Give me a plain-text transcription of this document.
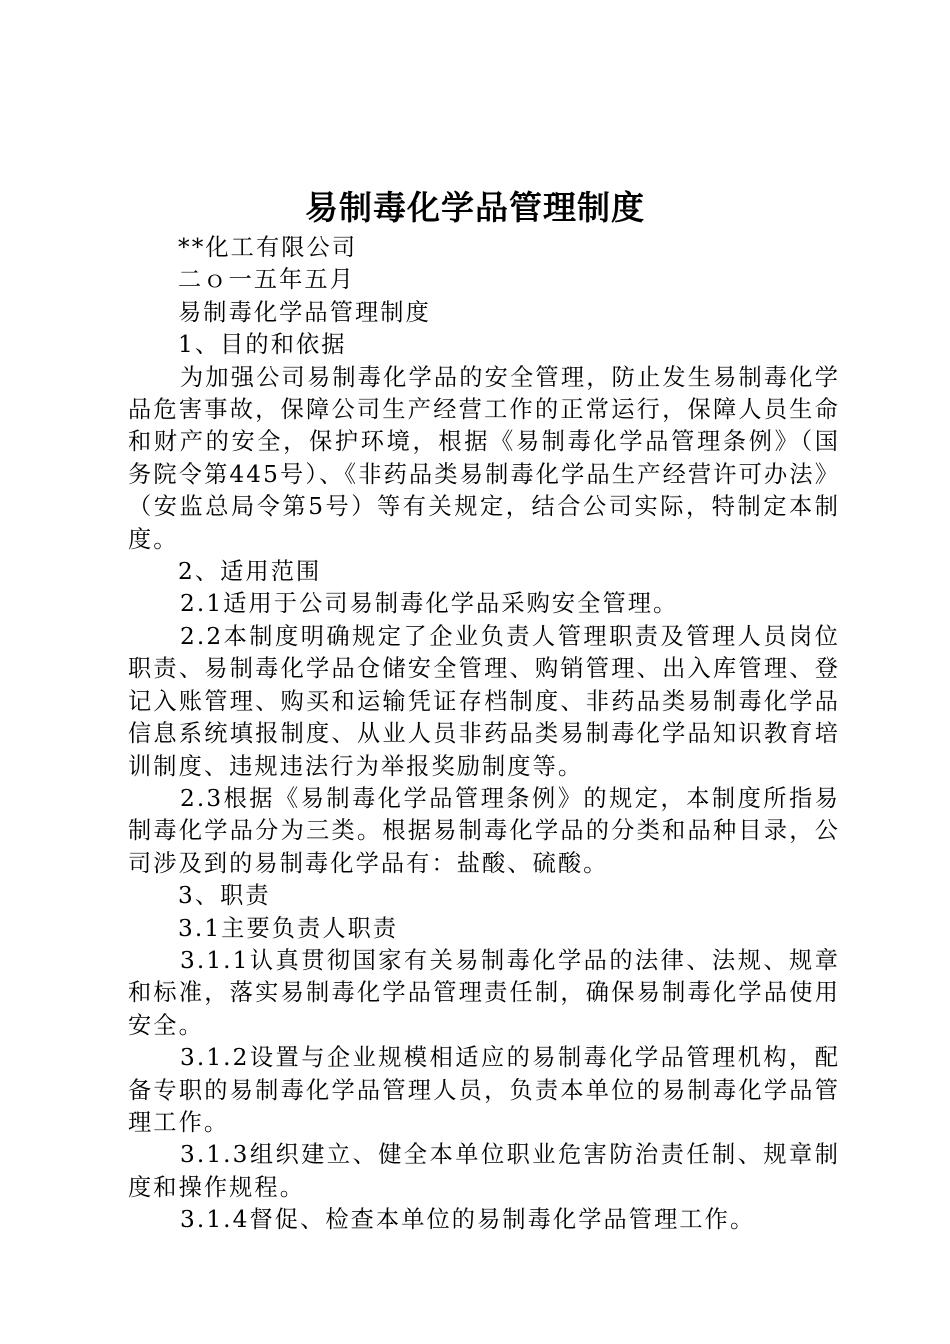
易制毒化学品管理制度

**化工有限公司

二ｏ一五年五月

易制毒化学品管理制度

1、目的和依据

为加强公司易制毒化学品的安全管理，防止发生易制毒化学品危害事故，保障公司生产经营工作的正常运行，保障人员生命和财产的安全，保护环境，根据《易制毒化学品管理条例》（国务院令第445号）、《非药品类易制毒化学品生产经营许可办法》（安监总局令第5号）等有关规定，结合公司实际，特制定本制度。

2、适用范围

2.1适用于公司易制毒化学品采购安全管理。

2.2本制度明确规定了企业负责人管理职责及管理人员岗位职责、易制毒化学品仓储安全管理、购销管理、出入库管理、登记入账管理、购买和运输凭证存档制度、非药品类易制毒化学品信息系统填报制度、从业人员非药品类易制毒化学品知识教育培训制度、违规违法行为举报奖励制度等。

2.3根据《易制毒化学品管理条例》的规定，本制度所指易制毒化学品分为三类。根据易制毒化学品的分类和品种目录，公司涉及到的易制毒化学品有：盐酸、硫酸。

3、职责

3.1主要负责人职责

3.1.1认真贯彻国家有关易制毒化学品的法律、法规、规章和标准，落实易制毒化学品管理责任制，确保易制毒化学品使用安全。

3.1.2设置与企业规模相适应的易制毒化学品管理机构，配备专职的易制毒化学品管理人员，负责本单位的易制毒化学品管理工作。

3.1.3组织建立、健全本单位职业危害防治责任制、规章制度和操作规程。

3.1.4督促、检查本单位的易制毒化学品管理工作。
